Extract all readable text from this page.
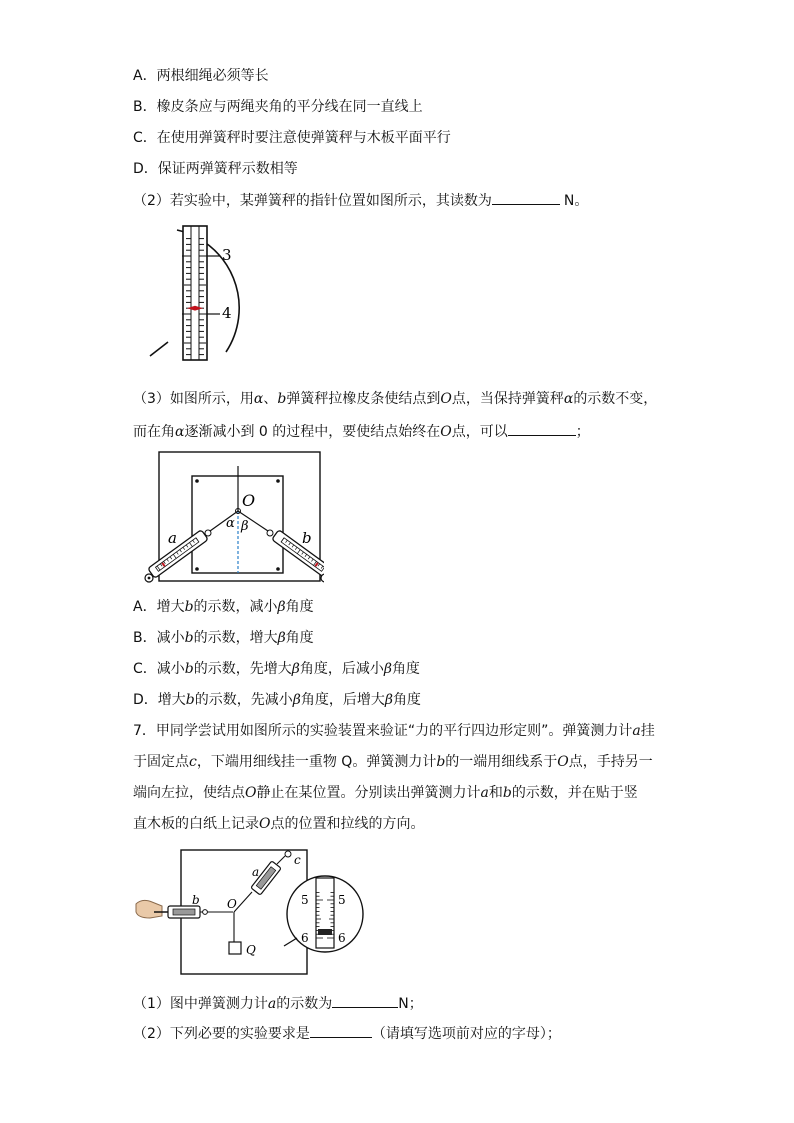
A．两根细绳必须等长
B．橡皮条应与两绳夹角的平分线在同一直线上
C．在使用弹簧秤时要注意使弹簧秤与木板平面平行
D．保证两弹簧秤示数相等
（2）若实验中，某弹簧秤的指针位置如图所示，其读数为	N。
3
4
（3）如图所示，用α、b弹簧秤拉橡皮条使结点到O点，当保持弹簧秤α的示数不变，
而在角α逐渐减小到 0 的过程中，要使结点始终在O点，可以	；
O
α β
a	b
A．增大b的示数，减小β角度
B．减小b的示数，增大β角度
C．减小b的示数，先增大β角度，后减小β角度
D．增大b的示数，先减小β角度，后增大β角度
7．甲同学尝试用如图所示的实验装置来验证“力的平行四边形定则”。弹簧测力计a挂
于固定点c，下端用细线挂一重物 Q。弹簧测力计b的一端用细线系于O点，手持另一
端向左拉，使结点O静止在某位置。分别读出弹簧测力计a和b的示数，并在贴于竖
直木板的白纸上记录O点的位置和拉线的方向。
5 5
6 6
b O
a
c
Q
（1）图中弹簧测力计a的示数为	N；
（2）下列必要的实验要求是	（请填写选项前对应的字母）；
